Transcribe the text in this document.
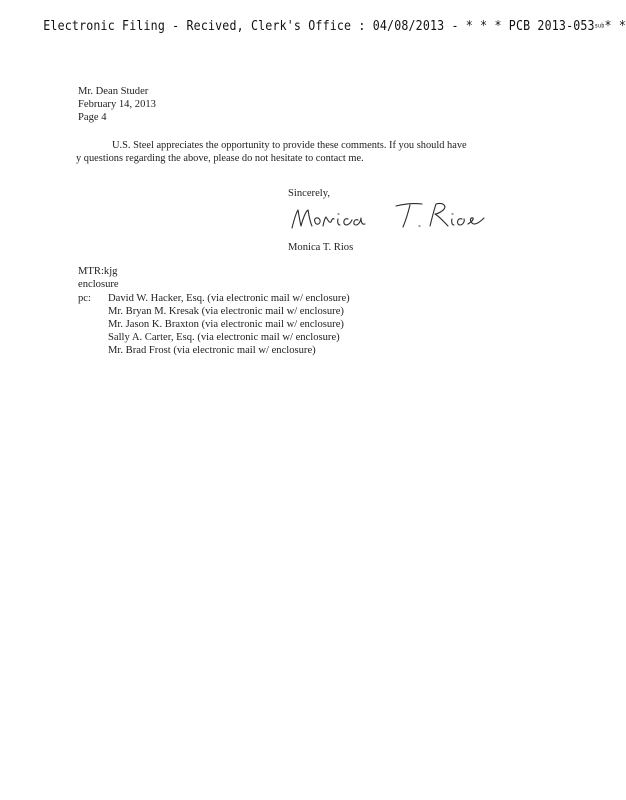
Electronic Filing - Recived, Clerk's Office : 04/08/2013 - * * * PCB 2013-053sub* *
Mr. Dean Studer
February 14, 2013
Page 4
U.S. Steel appreciates the opportunity to provide these comments. If you should have
y questions regarding the above, please do not hesitate to contact me.
Sincerely,
Monica T. Rios
MTR:kjg
enclosure
pc: David W. Hacker, Esq. (via electronic mail w/ enclosure)
Mr. Bryan M. Kresak (via electronic mail w/ enclosure)
Mr. Jason K. Braxton (via electronic mail w/ enclosure)
Sally A. Carter, Esq. (via electronic mail w/ enclosure)
Mr. Brad Frost (via electronic mail w/ enclosure)
